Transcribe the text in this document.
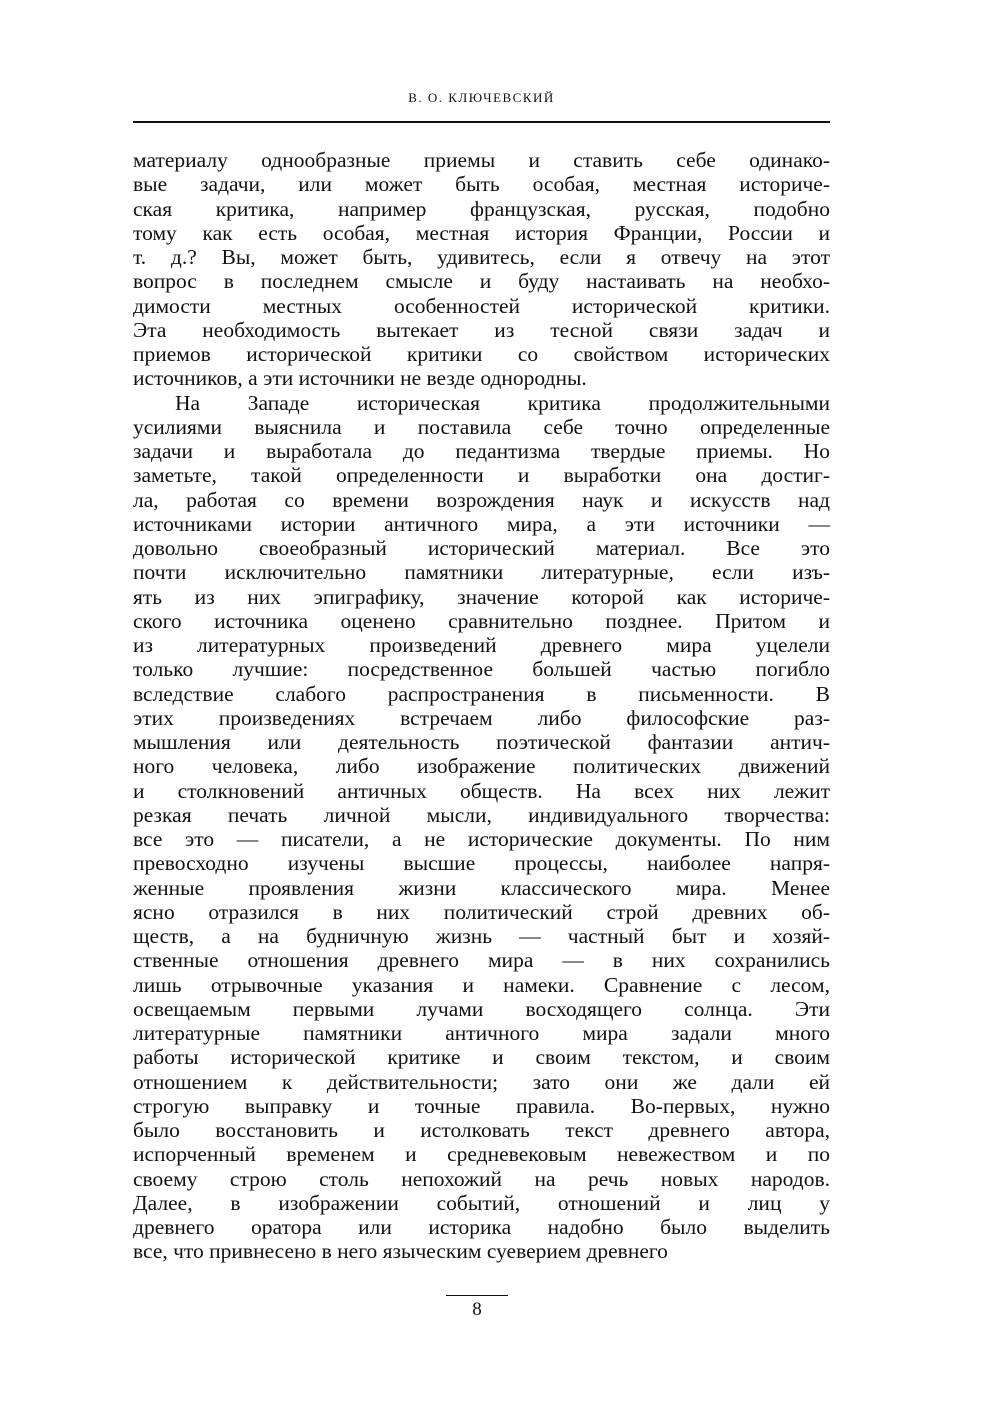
В. О. КЛЮЧЕВСКИЙ
материалу однообразные приемы и ставить себе одинако-
вые задачи, или может быть особая, местная историче-
ская критика, например французская, русская, подобно
тому как есть особая, местная история Франции, России и
т. д.? Вы, может быть, удивитесь, если я отвечу на этот
вопрос в последнем смысле и буду настаивать на необхо-
димости местных особенностей исторической критики.
Эта необходимость вытекает из тесной связи задач и
приемов исторической критики со свойством исторических
источников, а эти источники не везде однородны.
На Западе историческая критика продолжительными
усилиями выяснила и поставила себе точно определенные
задачи и выработала до педантизма твердые приемы. Но
заметьте, такой определенности и выработки она достиг-
ла, работая со времени возрождения наук и искусств над
источниками истории античного мира, а эти источники —
довольно своеобразный исторический материал. Все это
почти исключительно памятники литературные, если изъ-
ять из них эпиграфику, значение которой как историче-
ского источника оценено сравнительно позднее. Притом и
из литературных произведений древнего мира уцелели
только лучшие: посредственное большей частью погибло
вследствие слабого распространения в письменности. В
этих произведениях встречаем либо философские раз-
мышления или деятельность поэтической фантазии антич-
ного человека, либо изображение политических движений
и столкновений античных обществ. На всех них лежит
резкая печать личной мысли, индивидуального творчества:
все это — писатели, а не исторические документы. По ним
превосходно изучены высшие процессы, наиболее напря-
женные проявления жизни классического мира. Менее
ясно отразился в них политический строй древних об-
ществ, а на будничную жизнь — частный быт и хозяй-
ственные отношения древнего мира — в них сохранились
лишь отрывочные указания и намеки. Сравнение с лесом,
освещаемым первыми лучами восходящего солнца. Эти
литературные памятники античного мира задали много
работы исторической критике и своим текстом, и своим
отношением к действительности; зато они же дали ей
строгую выправку и точные правила. Во-первых, нужно
было восстановить и истолковать текст древнего автора,
испорченный временем и средневековым невежеством и по
своему строю столь непохожий на речь новых народов.
Далее, в изображении событий, отношений и лиц у
древнего оратора или историка надобно было выделить
все, что привнесено в него языческим суеверием древнего
8
